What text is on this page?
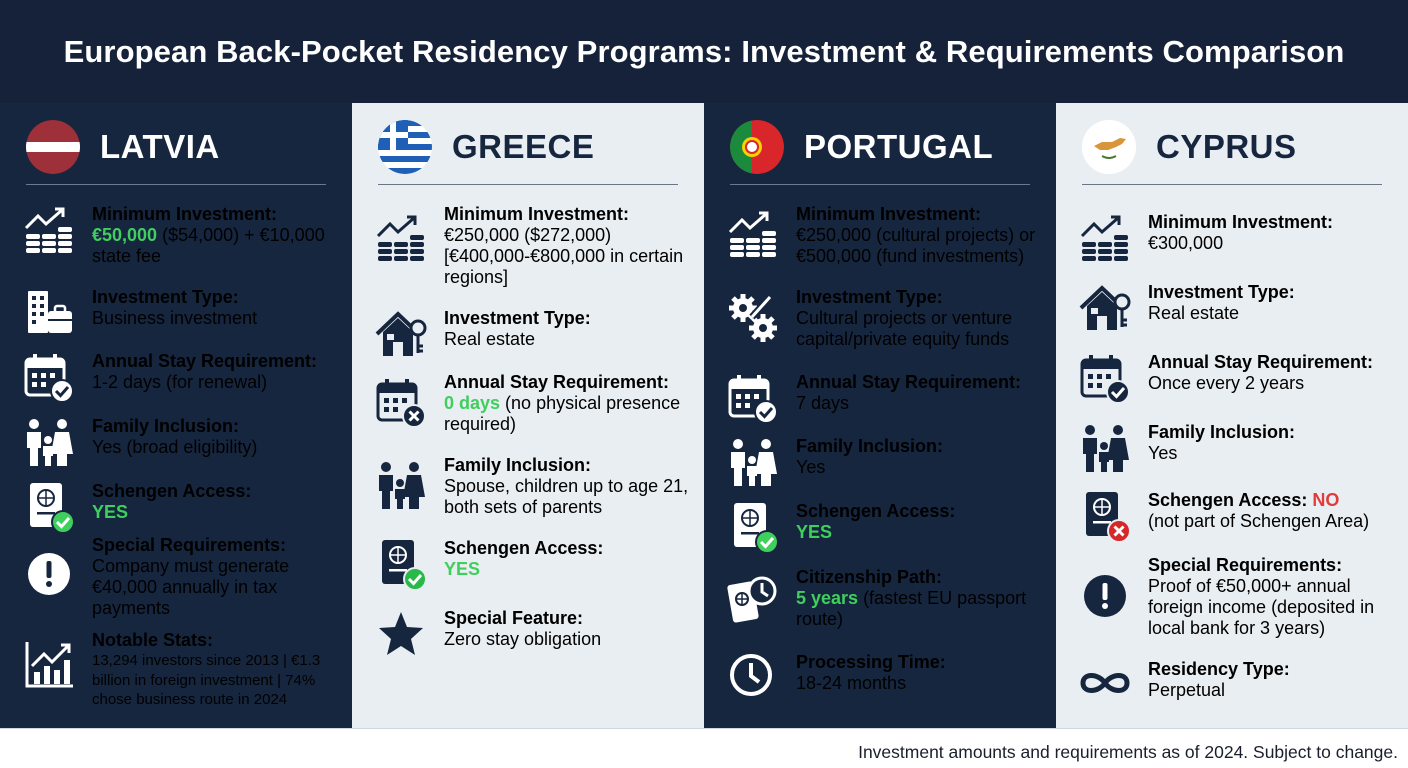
European Back-Pocket Residency Programs: Investment & Requirements Comparison
LATVIA
Minimum Investment:
€50,000 ($54,000) + €10,000 state fee
Investment Type:
Business investment
Annual Stay Requirement:
1-2 days (for renewal)
Family Inclusion:
Yes (broad eligibility)
Schengen Access:
YES
Special Requirements:
Company must generate €40,000 annually in tax payments
Notable Stats:
13,294 investors since 2013 | €1.3 billion in foreign investment | 74% chose business route in 2024
GREECE
Minimum Investment:
€250,000 ($272,000) [€400,000-€800,000 in certain regions]
Investment Type:
Real estate
Annual Stay Requirement:
0 days (no physical presence required)
Family Inclusion:
Spouse, children up to age 21, both sets of parents
Schengen Access:
YES
Special Feature:
Zero stay obligation
PORTUGAL
Minimum Investment:
€250,000 (cultural projects) or €500,000 (fund investments)
Investment Type:
Cultural projects or venture capital/private equity funds
Annual Stay Requirement:
7 days
Family Inclusion:
Yes
Schengen Access:
YES
Citizenship Path:
5 years (fastest EU passport route)
Processing Time:
18-24 months
CYPRUS
Minimum Investment:
€300,000
Investment Type:
Real estate
Annual Stay Requirement:
Once every 2 years
Family Inclusion:
Yes
Schengen Access: NO
(not part of Schengen Area)
Special Requirements:
Proof of €50,000+ annual foreign income (deposited in local bank for 3 years)
Residency Type:
Perpetual
Investment amounts and requirements as of 2024. Subject to change.
